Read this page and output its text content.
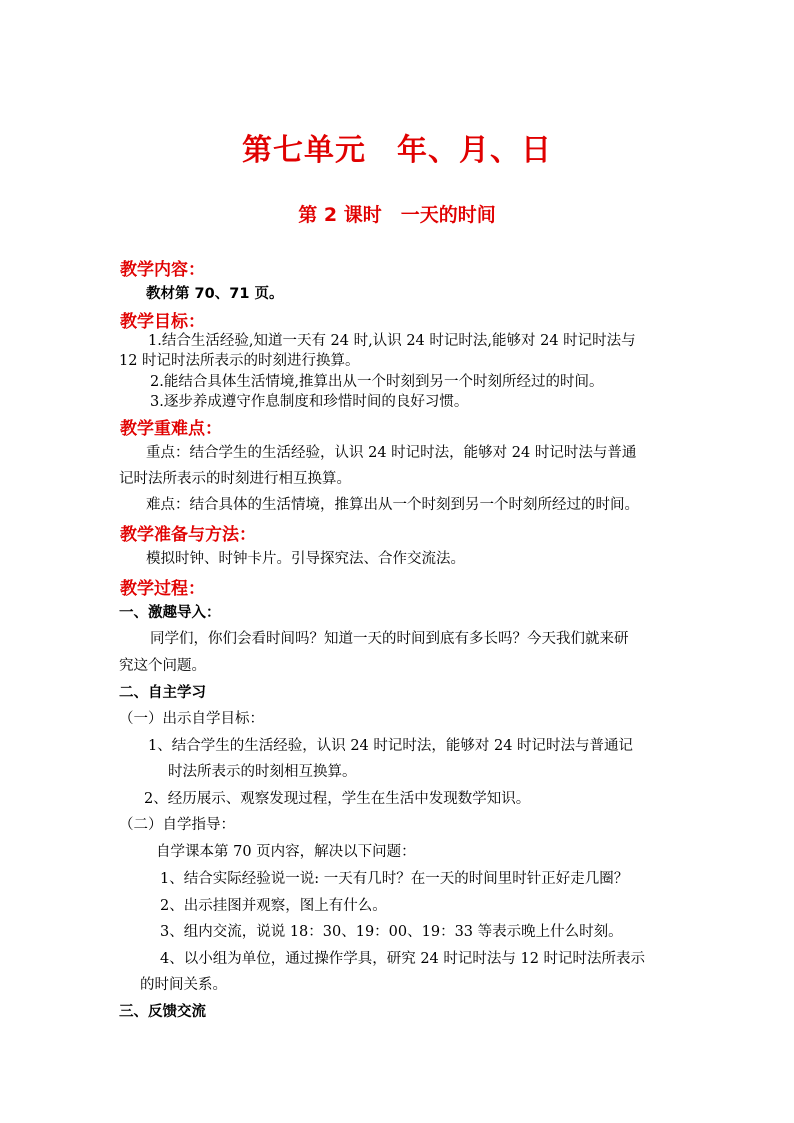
第七单元　年、月、日
第 2 课时　一天的时间
教学内容：
教材第 70、71 页。
教学目标：
1.结合生活经验,知道一天有 24 时,认识 24 时记时法,能够对 24 时记时法与
12 时记时法所表示的时刻进行换算。
2.能结合具体生活情境,推算出从一个时刻到另一个时刻所经过的时间。
3.逐步养成遵守作息制度和珍惜时间的良好习惯。
教学重难点：
重点：结合学生的生活经验，认识 24 时记时法，能够对 24 时记时法与普通
记时法所表示的时刻进行相互换算。
难点：结合具体的生活情境，推算出从一个时刻到另一个时刻所经过的时间。
教学准备与方法：
模拟时钟、时钟卡片。引导探究法、合作交流法。
教学过程：
一、激趣导入：
同学们，你们会看时间吗？知道一天的时间到底有多长吗？今天我们就来研
究这个问题。
二、自主学习
（一）出示自学目标：
1、结合学生的生活经验，认识 24 时记时法，能够对 24 时记时法与普通记
时法所表示的时刻相互换算。
2、经历展示、观察发现过程，学生在生活中发现数学知识。
（二）自学指导：
自学课本第 70 页内容，解决以下问题：
1、结合实际经验说一说: 一天有几时？在一天的时间里时针正好走几圈？
2、出示挂图并观察，图上有什么。
3、组内交流，说说 18：30、19：00、19：33 等表示晚上什么时刻。
4、以小组为单位，通过操作学具，研究 24 时记时法与 12 时记时法所表示
的时间关系。
三、反馈交流
